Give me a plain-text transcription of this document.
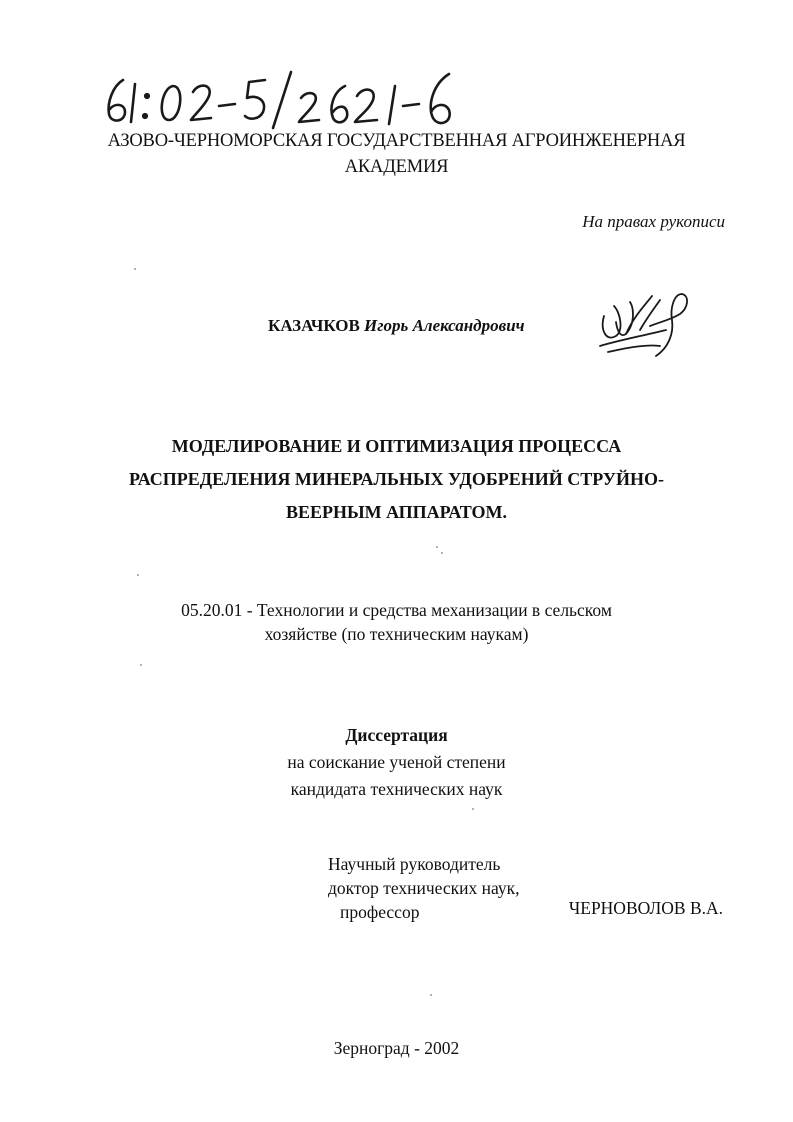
АЗОВО-ЧЕРНОМОРСКАЯ ГОСУДАРСТВЕННАЯ АГРОИНЖЕНЕРНАЯ
АКАДЕМИЯ
На правах рукописи
КАЗАЧКОВ Игорь Александрович
МОДЕЛИРОВАНИЕ И ОПТИМИЗАЦИЯ ПРОЦЕССА
РАСПРЕДЕЛЕНИЯ МИНЕРАЛЬНЫХ УДОБРЕНИЙ СТРУЙНО-
ВЕЕРНЫМ АППАРАТОМ.
05.20.01 - Технологии и средства механизации в сельском
хозяйстве (по техническим наукам)
Диссертация
на соискание ученой степени
кандидата технических наук
Научный руководитель
доктор технических наук,
профессор	ЧЕРНОВОЛОВ В.А.
Зерноград - 2002
